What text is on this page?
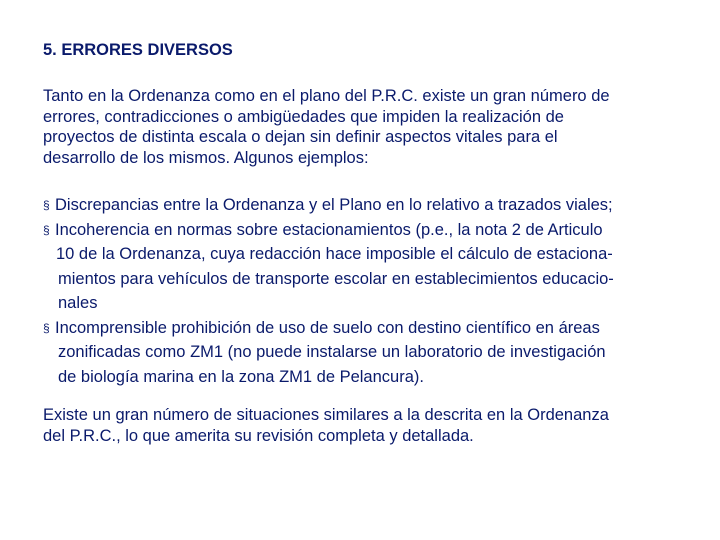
5. ERRORES DIVERSOS

Tanto en la Ordenanza como en el plano del P.R.C. existe un gran número de
errores, contradicciones o ambigüedades que impiden la realización de
proyectos de distinta escala o dejan sin definir aspectos vitales para el
desarrollo de los mismos. Algunos ejemplos:

§ Discrepancias entre la Ordenanza y el Plano en lo relativo a trazados viales;
§ Incoherencia en normas sobre estacionamientos (p.e., la nota 2 de Articulo
10 de la Ordenanza, cuya redacción hace imposible el cálculo de estaciona-
mientos para vehículos de transporte escolar en establecimientos educacio-
nales
§ Incomprensible prohibición de uso de suelo con destino científico en áreas
zonificadas como ZM1 (no puede instalarse un laboratorio de investigación
de biología marina en la zona ZM1 de Pelancura).

Existe un gran número de situaciones similares a la descrita en la Ordenanza
del P.R.C., lo que amerita su revisión completa y detallada.
